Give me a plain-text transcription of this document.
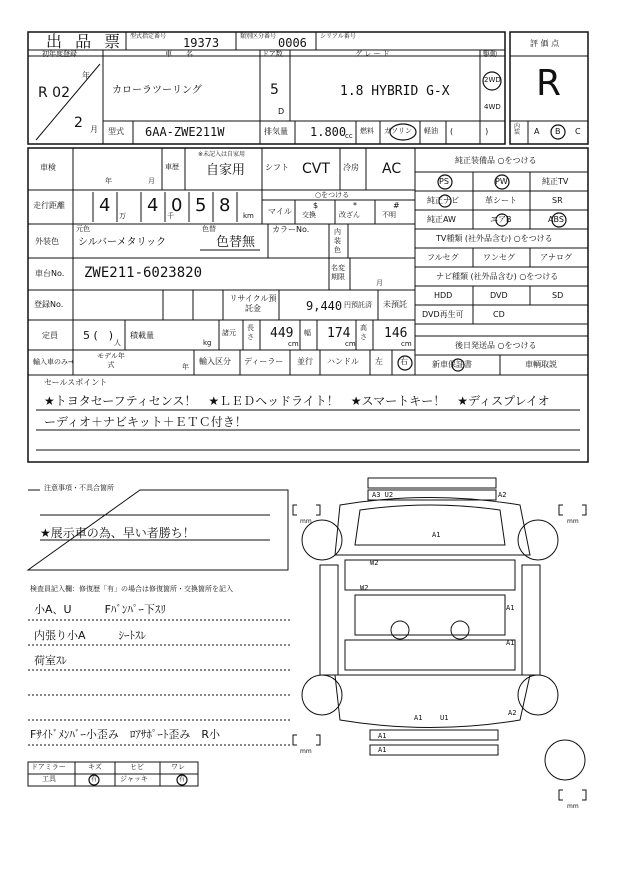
出 品 票 型式指定番号 19373	類別区分番号 0006 シリアル番号
評 価 点
R
初年度登録	車　　名	ドア数	グ レ ー ド	駆動
R 02
年
2 月
カローラツーリング	5
D
1.8 HYBRID G-X
2WD
4WD
型式 6AA-ZWE211W	排気量 1.800
cc
燃料 ガソリン 軽油 (　　　　)
内装	A B C
車検
年	月
車歴
※未記入は自家用
自家用 シフト CVT 冷房 AC
走行距離 4 万 4 千
0 5 8 km
○をつける
マイル
$
交換
*
改ざん
#
不明
外装色
元色
シルバーメタリック
色替
色替無
カラーNo.	内装色
車台No. ZWE211-6023820	名変期限
月
登録No.
リサイクル預託金	9,440 円預託済 未預託
定員 5 (　)
人
積載量
kg
諸元
長さ 449
cm
幅 174
cm
高さ 146
cm
輸入車のみ→
モデル年式	年
輸入区分 ディーラー 並行 ハンドル 左 右
純正装備品 ○をつける
PS	PW	純正TV
純正ナビ	革シート	SR
純正AW	エアB	ABS
TV種類 (社外品含む) ○をつける
フルセグ	ワンセグ	アナログ
ナビ種類 (社外品含む) ○をつける
HDD	DVD	SD
DVD再生可	CD
後日発送品 ○をつける
新車保証書	車輌取説
セールスポイント
★トヨタセーフティセンス！　★ＬＥＤヘッドライト！　★スマートキー！　★ディスプレイオ
ーディオ＋ナビキット＋ＥＴＣ付き！
注意事項・不具合箇所
★展示車の為、早い者勝ち！
検査員記入欄：修復歴「有」の場合は修復箇所・交換箇所を記入
小A、U　　　Fﾊﾞﾝﾊﾟｰ下ｽﾘ
内張り小A　　　ｼｰﾄｽﾚ
荷室ｽﾚ
Fｻｲﾄﾞﾒﾝﾊﾞｰ小歪み　ﾛｱｻﾎﾟｰﾄ歪み　R小
ドアミラー	キズ	ヒビ	ワレ
工具	有	ジャッキ	有
A3 U2	A2
A1
W2
W2
A1
A1
A1	U1
A2
A1
A1
mm	mm
mm
mm
